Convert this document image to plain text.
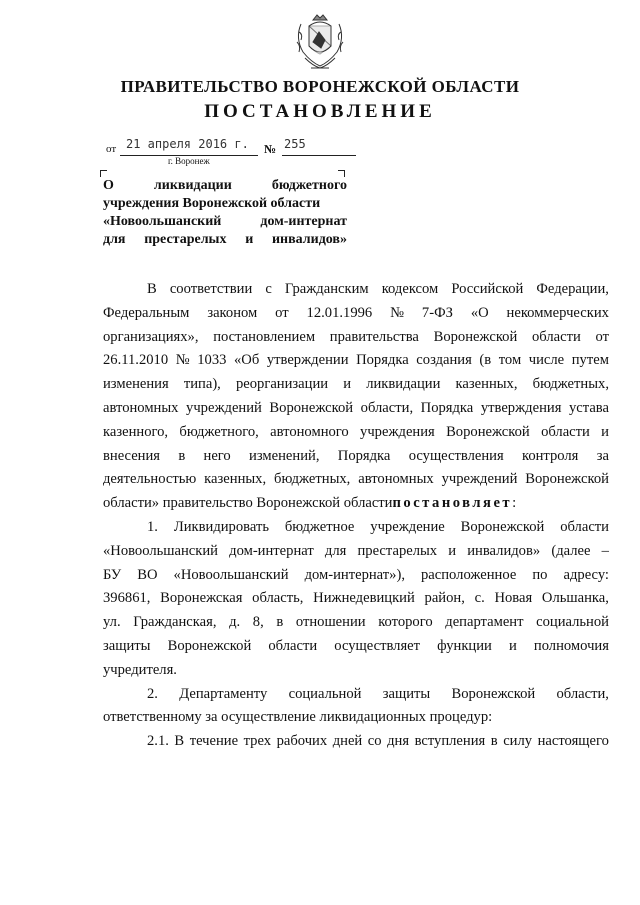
ПРАВИТЕЛЬСТВО ВОРОНЕЖСКОЙ ОБЛАСТИ
ПОСТАНОВЛЕНИЕ
от 21 апреля 2016 г. № 255
г. Воронеж
О	ликвидации	бюджетного
учреждения Воронежской области
«Новоольшанский	дом-интернат
для престарелых и инвалидов»
В соответствии с Гражданским кодексом Российской Федерации,
Федеральным законом от 12.01.1996 № 7-ФЗ «О некоммерческих
организациях», постановлением правительства Воронежской области от
26.11.2010 № 1033 «Об утверждении Порядка создания (в том числе путем
изменения типа), реорганизации и ликвидации казенных, бюджетных,
автономных учреждений Воронежской области, Порядка утверждения устава
казенного, бюджетного, автономного учреждения Воронежской области и
внесения в него изменений, Порядка осуществления контроля за
деятельностью казенных, бюджетных, автономных учреждений Воронежской
области» правительство Воронежской области постановляет :
1. Ликвидировать бюджетное учреждение Воронежской области
«Новоольшанский дом-интернат для престарелых и инвалидов» (далее –
БУ ВО «Новоольшанский дом-интернат»), расположенное по адресу:
396861, Воронежская область, Нижнедевицкий район, с. Новая Ольшанка,
ул. Гражданская, д. 8, в отношении которого департамент социальной
защиты Воронежской области осуществляет функции и полномочия
учредителя.
2. Департаменту социальной защиты Воронежской области,
ответственному за осуществление ликвидационных процедур:
2.1. В течение трех рабочих дней со дня вступления в силу настоящего
